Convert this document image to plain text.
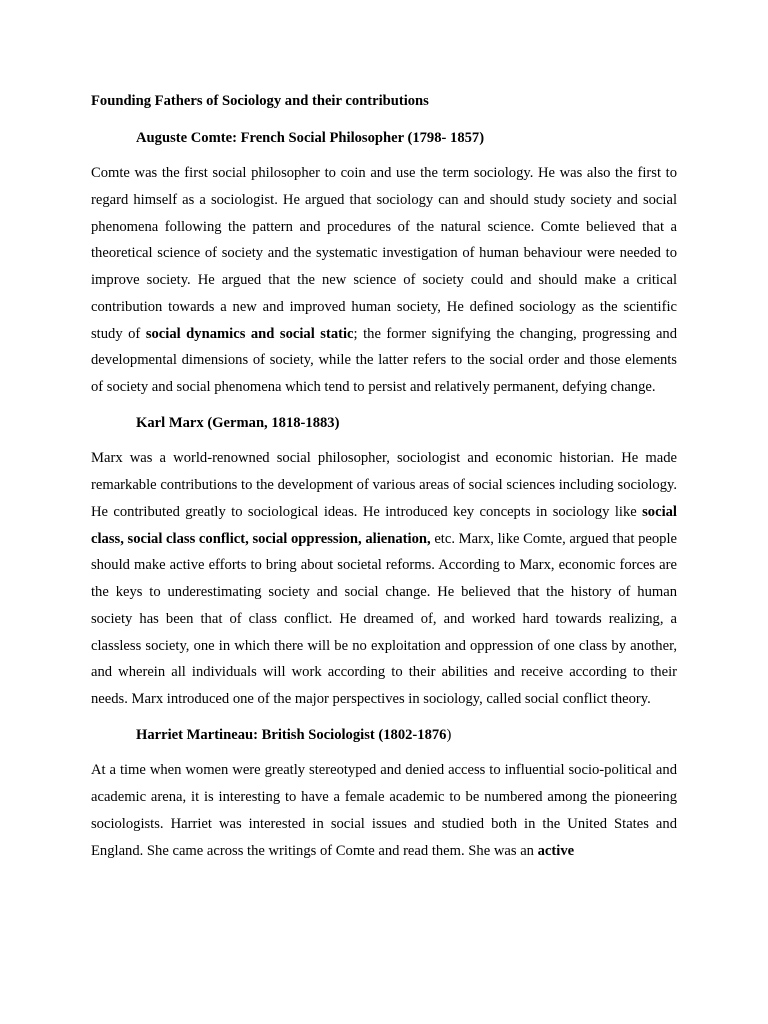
Founding Fathers of Sociology and their contributions

Auguste Comte: French Social Philosopher (1798- 1857)

Comte was the first social philosopher to coin and use the term sociology. He was also the first to regard himself as a sociologist. He argued that sociology can and should study society and social phenomena following the pattern and procedures of the natural science. Comte believed that a theoretical science of society and the systematic investigation of human behaviour were needed to improve society. He argued that the new science of society could and should make a critical contribution towards a new and improved human society, He defined sociology as the scientific study of social dynamics and social static; the former signifying the changing, progressing and developmental dimensions of society, while the latter refers to the social order and those elements of society and social phenomena which tend to persist and relatively permanent, defying change.

Karl Marx (German, 1818-1883)

Marx was a world-renowned social philosopher, sociologist and economic historian. He made remarkable contributions to the development of various areas of social sciences including sociology. He contributed greatly to sociological ideas. He introduced key concepts in sociology like social class, social class conflict, social oppression, alienation, etc. Marx, like Comte, argued that people should make active efforts to bring about societal reforms. According to Marx, economic forces are the keys to underestimating society and social change. He believed that the history of human society has been that of class conflict. He dreamed of, and worked hard towards realizing, a classless society, one in which there will be no exploitation and oppression of one class by another, and wherein all individuals will work according to their abilities and receive according to their needs. Marx introduced one of the major perspectives in sociology, called social conflict theory.

Harriet Martineau: British Sociologist (1802-1876)

At a time when women were greatly stereotyped and denied access to influential socio-political and academic arena, it is interesting to have a female academic to be numbered among the pioneering sociologists. Harriet was interested in social issues and studied both in the United States and England. She came across the writings of Comte and read them. She was an active
